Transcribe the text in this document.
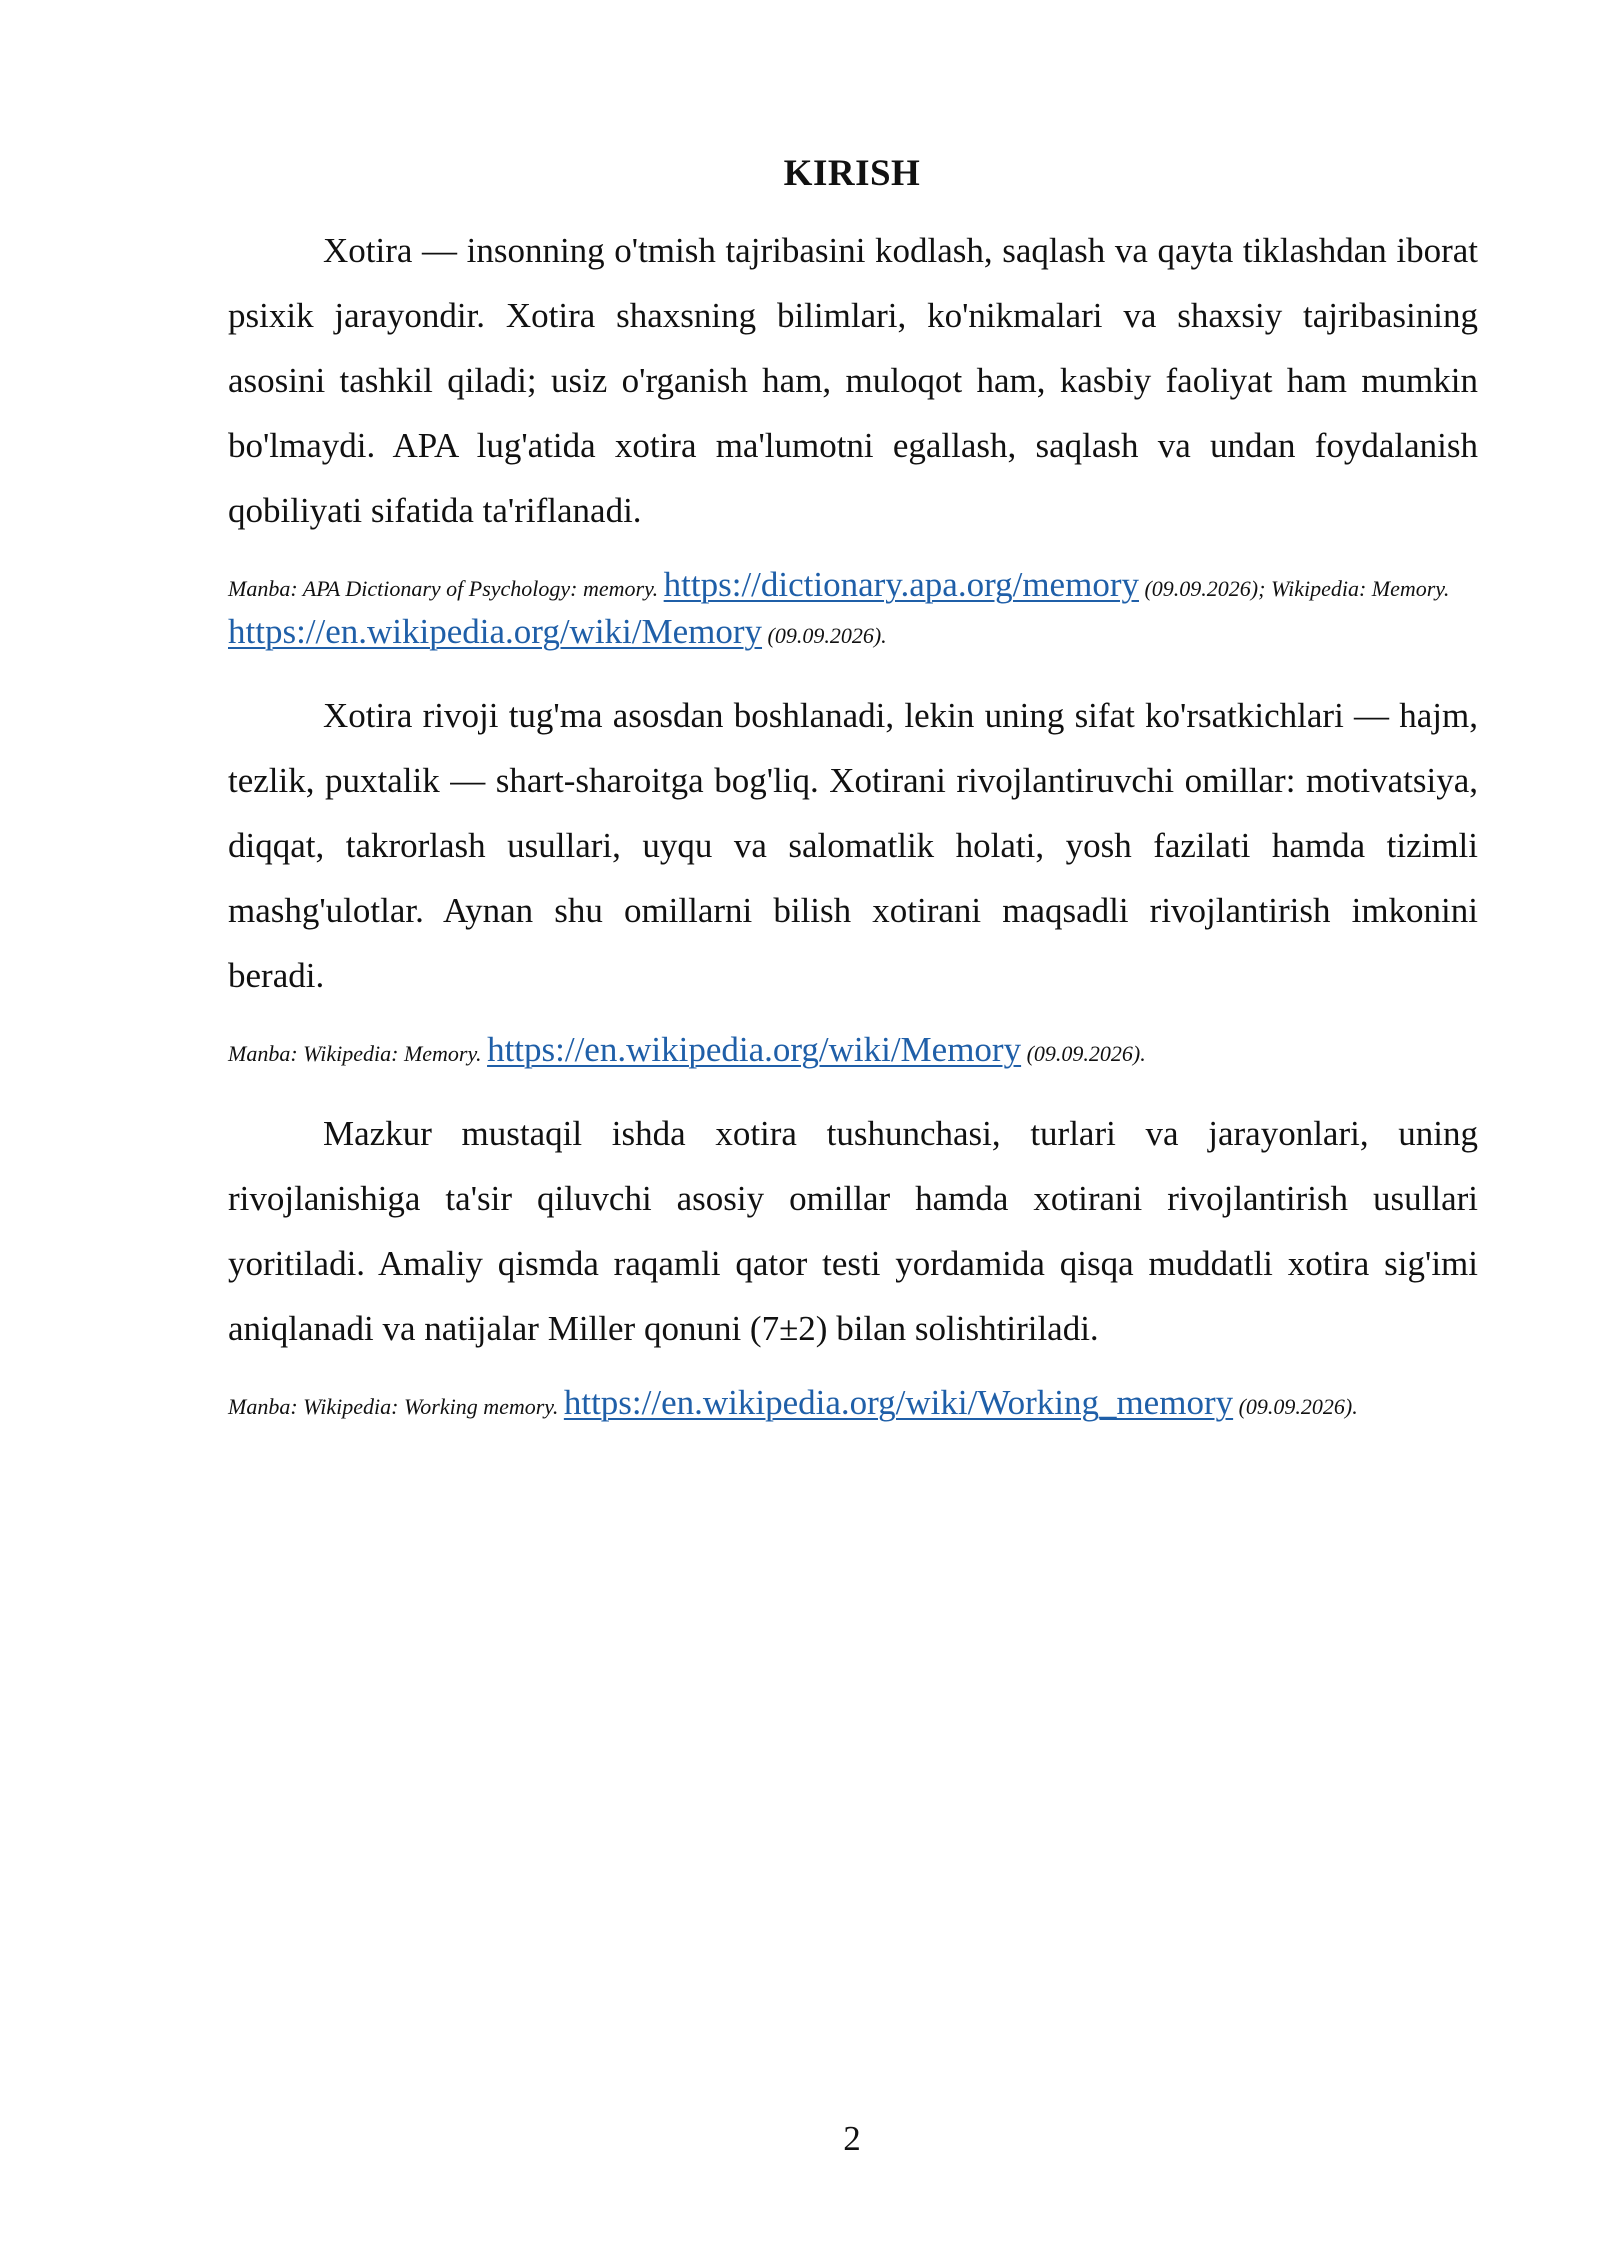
KIRISH

Xotira — insonning o'tmish tajribasini kodlash, saqlash va qayta tiklashdan iborat psixik jarayondir. Xotira shaxsning bilimlari, ko'nikmalari va shaxsiy tajribasining asosini tashkil qiladi; usiz o'rganish ham, muloqot ham, kasbiy faoliyat ham mumkin bo'lmaydi. APA lug'atida xotira ma'lumotni egallash, saqlash va undan foydalanish qobiliyati sifatida ta'riflanadi.

Manba: APA Dictionary of Psychology: memory. https://dictionary.apa.org/memory (09.09.2026); Wikipedia: Memory. https://en.wikipedia.org/wiki/Memory (09.09.2026).

Xotira rivoji tug'ma asosdan boshlanadi, lekin uning sifat ko'rsatkichlari — hajm, tezlik, puxtalik — shart-sharoitga bog'liq. Xotirani rivojlantiruvchi omillar: motivatsiya, diqqat, takrorlash usullari, uyqu va salomatlik holati, yosh fazilati hamda tizimli mashg'ulotlar. Aynan shu omillarni bilish xotirani maqsadli rivojlantirish imkonini beradi.

Manba: Wikipedia: Memory. https://en.wikipedia.org/wiki/Memory (09.09.2026).

Mazkur mustaqil ishda xotira tushunchasi, turlari va jarayonlari, uning rivojlanishiga ta'sir qiluvchi asosiy omillar hamda xotirani rivojlantirish usullari yoritiladi. Amaliy qismda raqamli qator testi yordamida qisqa muddatli xotira sig'imi aniqlanadi va natijalar Miller qonuni (7±2) bilan solishtiriladi.

Manba: Wikipedia: Working memory. https://en.wikipedia.org/wiki/Working_memory (09.09.2026).

2
